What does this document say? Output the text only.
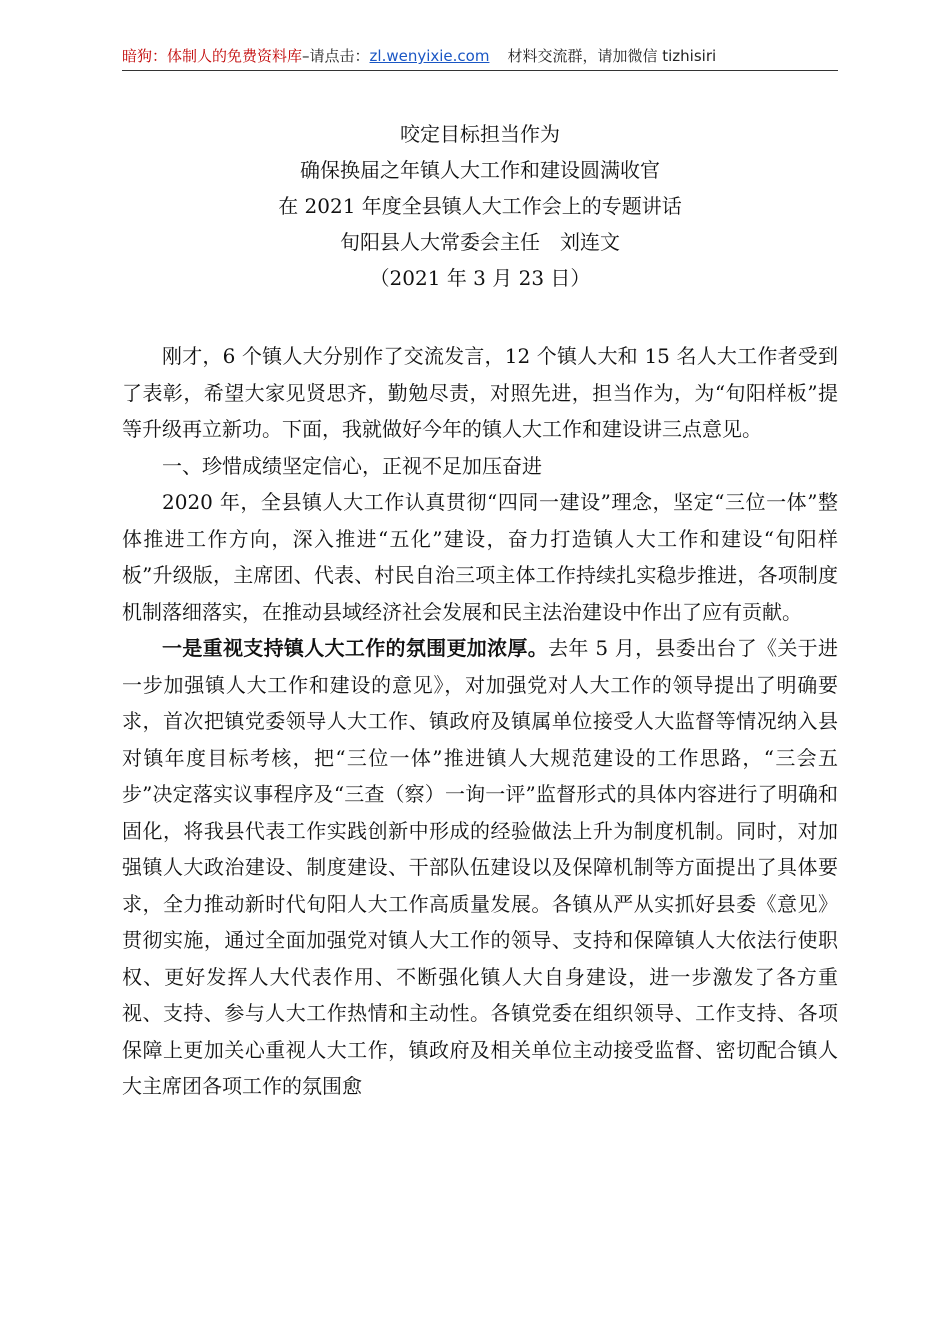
暗狗：体制人的免费资料库–请点击：zl.wenyixie.com 材料交流群，请加微信 tizhisiri
咬定目标担当作为
确保换届之年镇人大工作和建设圆满收官
在 2021 年度全县镇人大工作会上的专题讲话
旬阳县人大常委会主任　刘连文
（2021 年 3 月 23 日）

刚才，6 个镇人大分别作了交流发言，12 个镇人大和 15 名人大工作者受到了表彰，希望大家见贤思齐，勤勉尽责，对照先进，担当作为，为“旬阳样板”提等升级再立新功。下面，我就做好今年的镇人大工作和建设讲三点意见。

一、珍惜成绩坚定信心，正视不足加压奋进

2020 年，全县镇人大工作认真贯彻“四同一建设”理念，坚定“三位一体”整体推进工作方向，深入推进“五化”建设，奋力打造镇人大工作和建设“旬阳样板”升级版，主席团、代表、村民自治三项主体工作持续扎实稳步推进，各项制度机制落细落实，在推动县域经济社会发展和民主法治建设中作出了应有贡献。

一是重视支持镇人大工作的氛围更加浓厚。去年 5 月，县委出台了《关于进一步加强镇人大工作和建设的意见》，对加强党对人大工作的领导提出了明确要求，首次把镇党委领导人大工作、镇政府及镇属单位接受人大监督等情况纳入县对镇年度目标考核，把“三位一体”推进镇人大规范建设的工作思路，“三会五步”决定落实议事程序及“三查（察）一询一评”监督形式的具体内容进行了明确和固化，将我县代表工作实践创新中形成的经验做法上升为制度机制。同时，对加强镇人大政治建设、制度建设、干部队伍建设以及保障机制等方面提出了具体要求，全力推动新时代旬阳人大工作高质量发展。各镇从严从实抓好县委《意见》贯彻实施，通过全面加强党对镇人大工作的领导、支持和保障镇人大依法行使职权、更好发挥人大代表作用、不断强化镇人大自身建设，进一步激发了各方重视、支持、参与人大工作热情和主动性。各镇党委在组织领导、工作支持、各项保障上更加关心重视人大工作，镇政府及相关单位主动接受监督、密切配合镇人大主席团各项工作的氛围愈
